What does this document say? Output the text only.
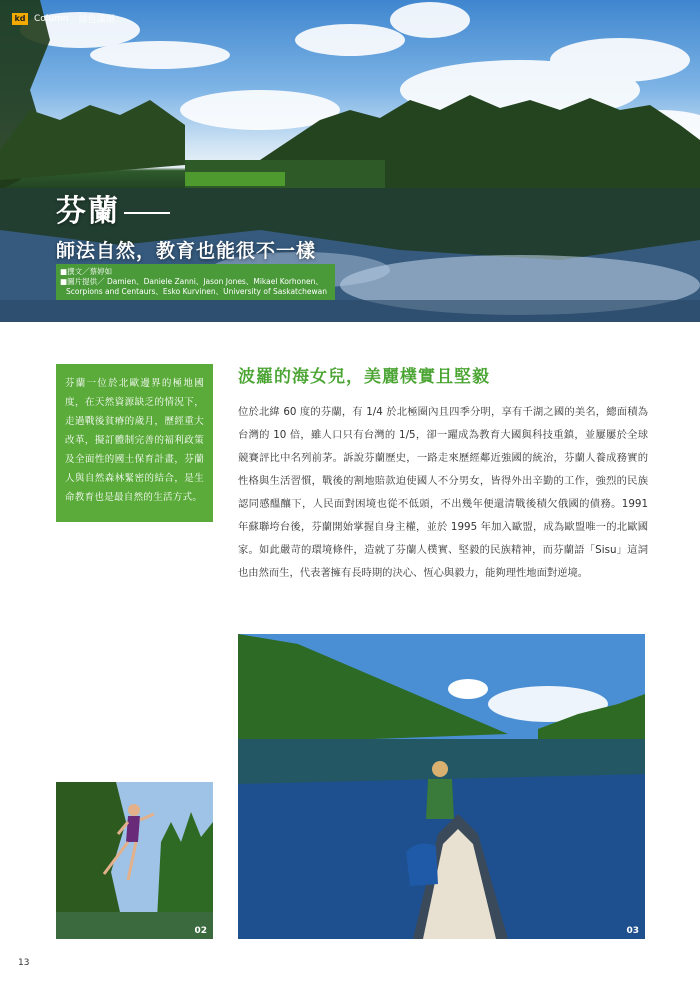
kd Column 綠色議題
芬蘭
師法自然，教育也能很不一樣
■撰文／蔡婷如
■圖片提供／ Damien、Daniele Zanni、Jason Jones、Mikael Korhonen、
Scorpions and Centaurs、Esko Kurvinen、University of Saskatchewan

芬蘭一位於北歐邊界的極地國度，在天然資源缺乏的情況下，走過戰後貧瘠的歲月，歷經重大改革，擬訂體制完善的福利政策及全面性的國土保育計畫，芬蘭人與自然森林緊密的結合，是生命教育也是最自然的生活方式。

波羅的海女兒，美麗樸實且堅毅

位於北緯 60 度的芬蘭，有 1/4 於北極圈內且四季分明，享有千湖之國的美名，總面積為台灣的 10 倍，雖人口只有台灣的 1/5，卻一躍成為教育大國與科技重鎮，並屢屢於全球競賽評比中名列前茅。訴說芬蘭歷史，一路走來歷經鄰近強國的統治，芬蘭人養成務實的性格與生活習慣，戰後的割地賠款迫使國人不分男女，皆得外出辛勤的工作，強烈的民族認同感醞釀下，人民面對困境也從不低頭，不出幾年便還清戰後積欠俄國的債務。1991 年蘇聯垮台後，芬蘭開始掌握自身主權，並於 1995 年加入歐盟，成為歐盟唯一的北歐國家。如此嚴苛的環境條件，造就了芬蘭人樸實、堅毅的民族精神，而芬蘭語「Sisu」這詞也由然而生，代表著擁有長時期的決心、恆心與毅力，能夠理性地面對逆境。

02	03
13
